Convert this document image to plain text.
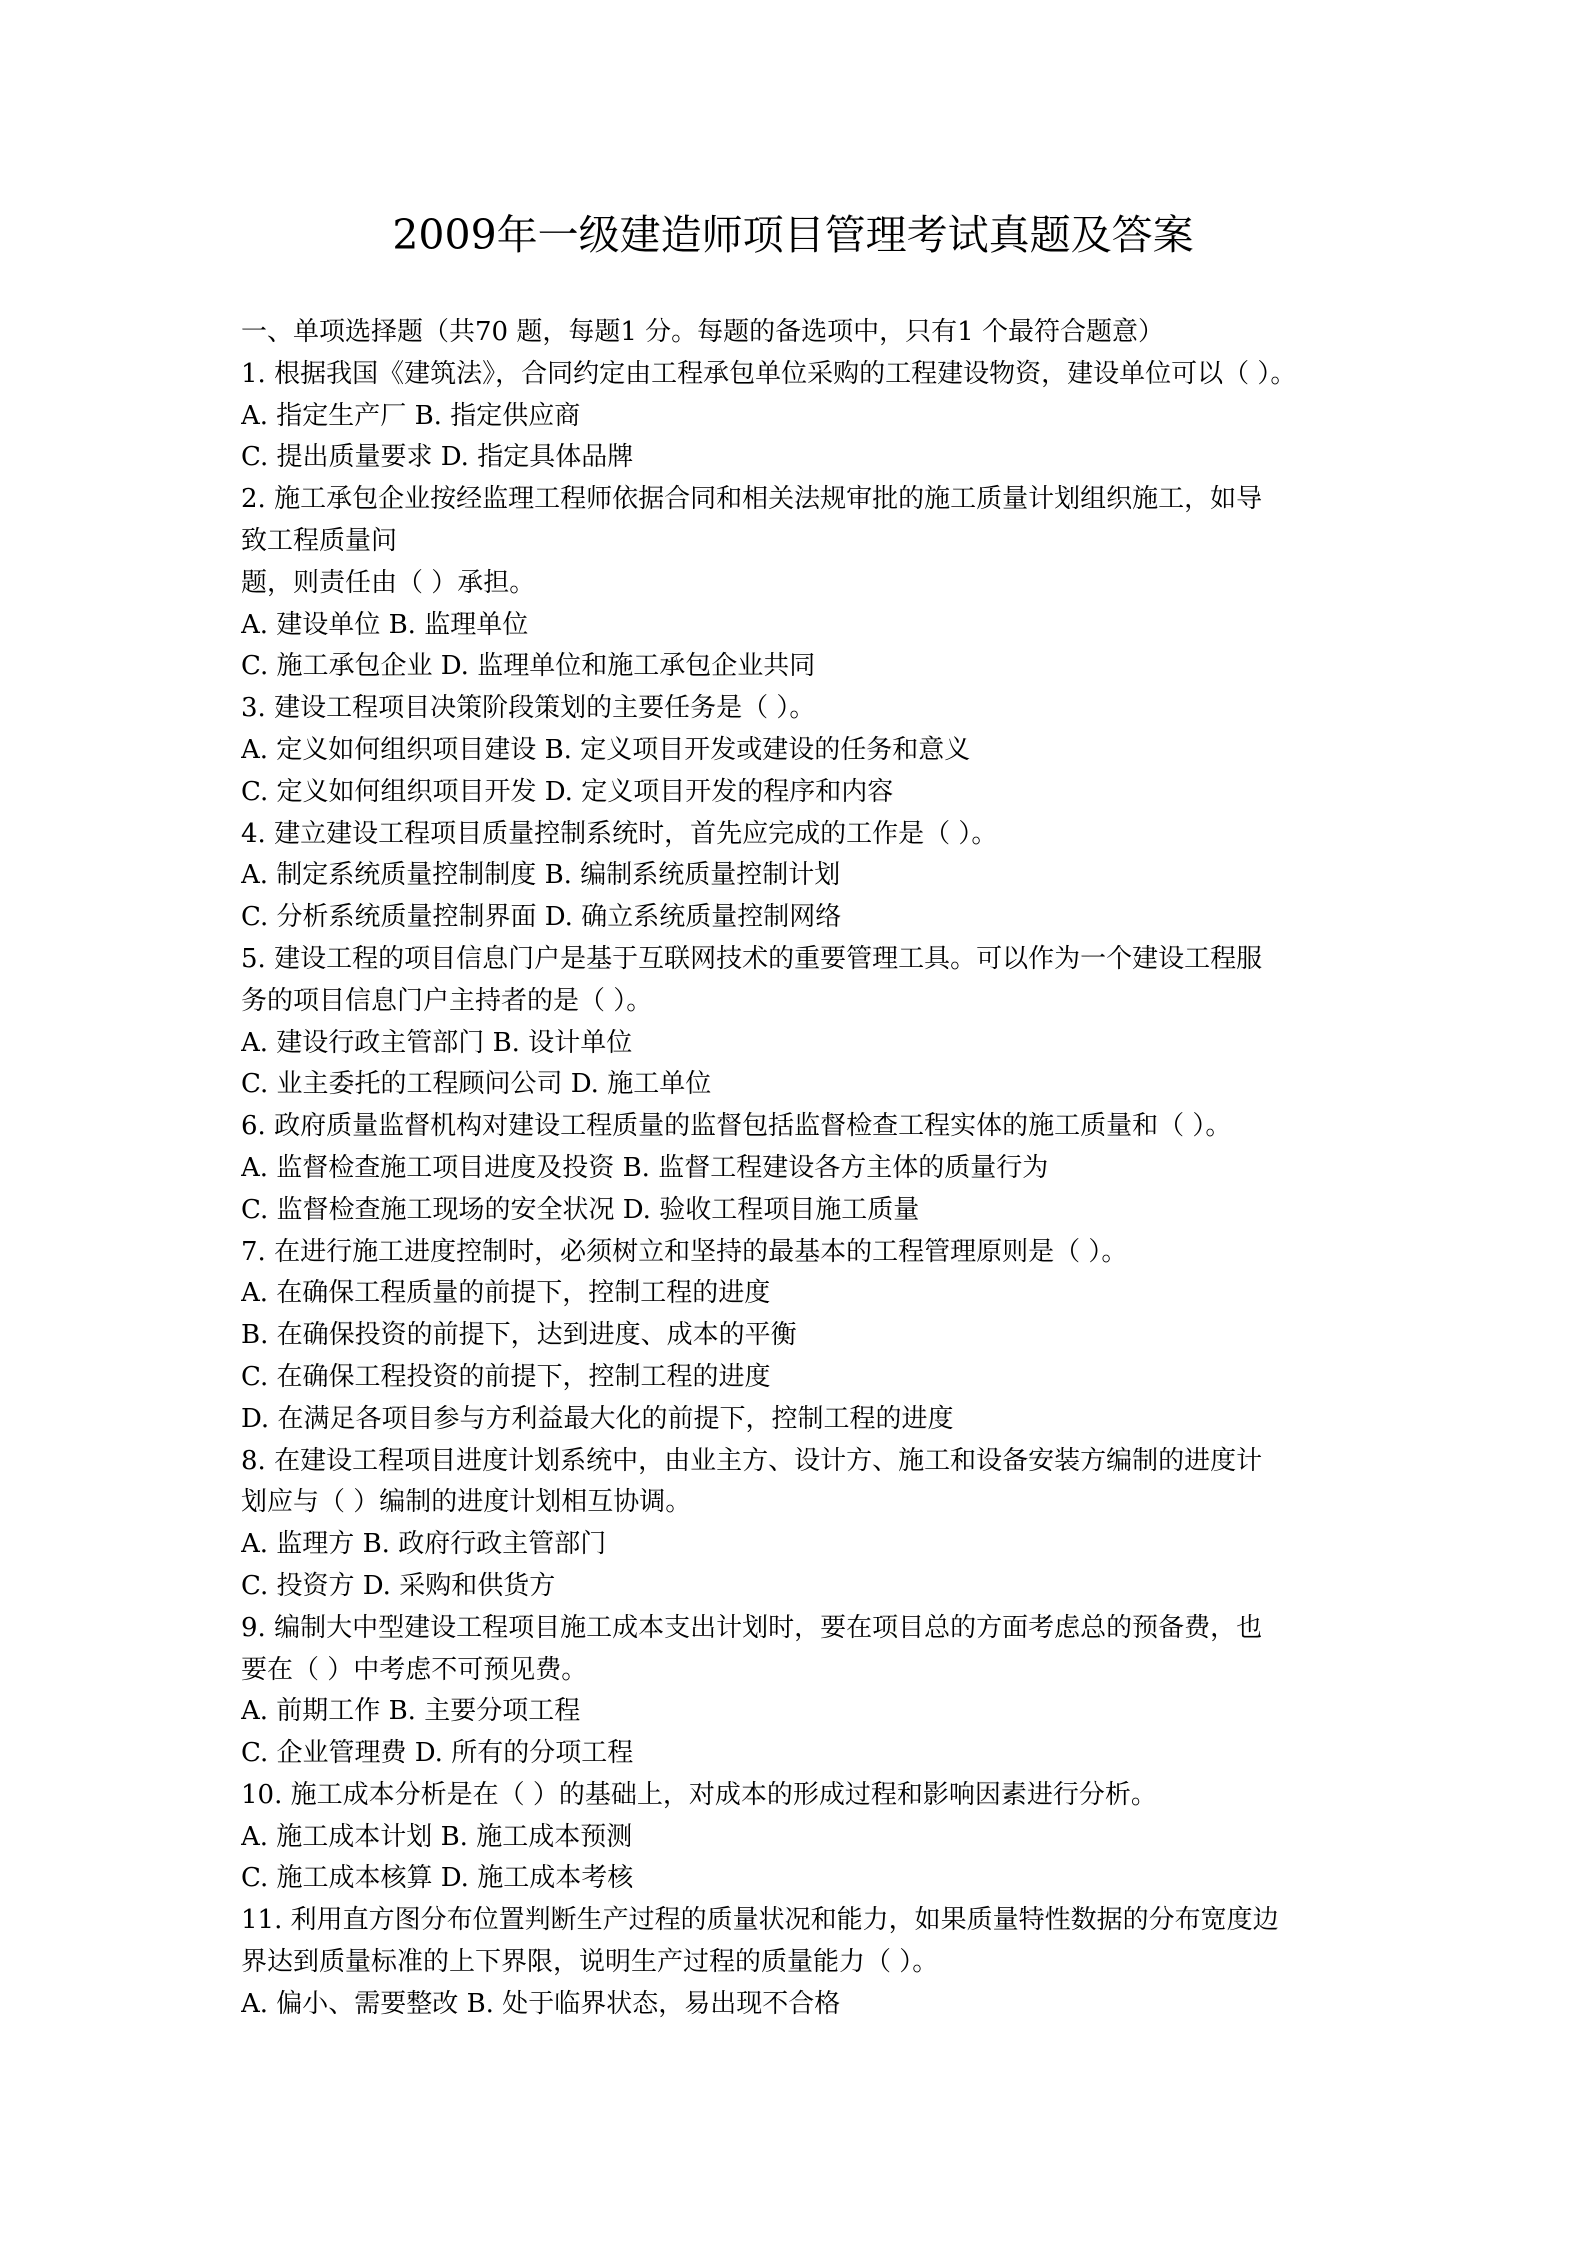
2009年一级建造师项目管理考试真题及答案
一、单项选择题（共70 题，每题1 分。每题的备选项中，只有1 个最符合题意）
1. 根据我国《建筑法》，合同约定由工程承包单位采购的工程建设物资，建设单位可以（ ）。
A. 指定生产厂 B. 指定供应商
C. 提出质量要求 D. 指定具体品牌
2. 施工承包企业按经监理工程师依据合同和相关法规审批的施工质量计划组织施工，如导
致工程质量问
题，则责任由（ ）承担。
A. 建设单位 B. 监理单位
C. 施工承包企业 D. 监理单位和施工承包企业共同
3. 建设工程项目决策阶段策划的主要任务是（ ）。
A. 定义如何组织项目建设 B. 定义项目开发或建设的任务和意义
C. 定义如何组织项目开发 D. 定义项目开发的程序和内容
4. 建立建设工程项目质量控制系统时，首先应完成的工作是（ ）。
A. 制定系统质量控制制度 B. 编制系统质量控制计划
C. 分析系统质量控制界面 D. 确立系统质量控制网络
5. 建设工程的项目信息门户是基于互联网技术的重要管理工具。可以作为一个建设工程服
务的项目信息门户主持者的是（ ）。
A. 建设行政主管部门 B. 设计单位
C. 业主委托的工程顾问公司 D. 施工单位
6. 政府质量监督机构对建设工程质量的监督包括监督检查工程实体的施工质量和（ ）。
A. 监督检查施工项目进度及投资 B. 监督工程建设各方主体的质量行为
C. 监督检查施工现场的安全状况 D. 验收工程项目施工质量
7. 在进行施工进度控制时，必须树立和坚持的最基本的工程管理原则是（ ）。
A. 在确保工程质量的前提下，控制工程的进度
B. 在确保投资的前提下，达到进度、成本的平衡
C. 在确保工程投资的前提下，控制工程的进度
D. 在满足各项目参与方利益最大化的前提下，控制工程的进度
8. 在建设工程项目进度计划系统中，由业主方、设计方、施工和设备安装方编制的进度计
划应与（ ）编制的进度计划相互协调。
A. 监理方 B. 政府行政主管部门
C. 投资方 D. 采购和供货方
9. 编制大中型建设工程项目施工成本支出计划时，要在项目总的方面考虑总的预备费，也
要在（ ）中考虑不可预见费。
A. 前期工作 B. 主要分项工程
C. 企业管理费 D. 所有的分项工程
10. 施工成本分析是在（ ）的基础上，对成本的形成过程和影响因素进行分析。
A. 施工成本计划 B. 施工成本预测
C. 施工成本核算 D. 施工成本考核
11. 利用直方图分布位置判断生产过程的质量状况和能力，如果质量特性数据的分布宽度边
界达到质量标准的上下界限，说明生产过程的质量能力（ ）。
A. 偏小、需要整改 B. 处于临界状态，易出现不合格
